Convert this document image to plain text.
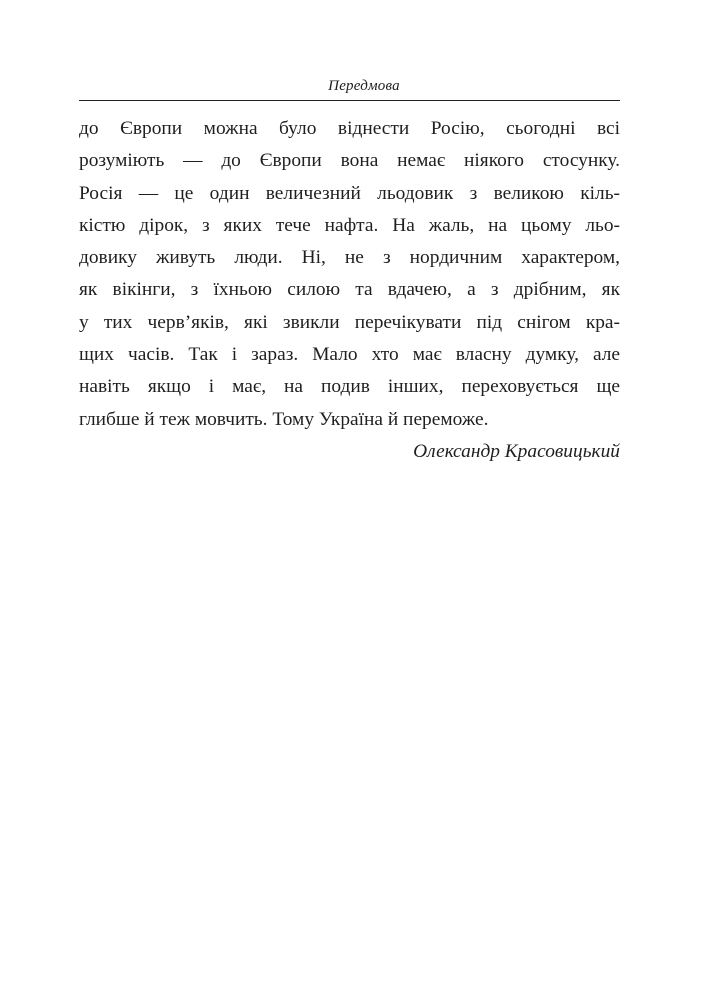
Передмова
до Європи можна було віднести Росію, сьогодні всі
розуміють — до Європи вона немає ніякого стосунку.
Росія — це один величезний льодовик з великою кіль-
кістю дірок, з яких тече нафта. На жаль, на цьому льо-
довику живуть люди. Ні, не з нордичним характером,
як вікінги, з їхньою силою та вдачею, а з дрібним, як
у тих черв’яків, які звикли перечікувати під снігом кра-
щих часів. Так і зараз. Мало хто має власну думку, але
навіть якщо і має, на подив інших, переховується ще
глибше й теж мовчить. Тому Україна й переможе.
Олександр Красовицький
